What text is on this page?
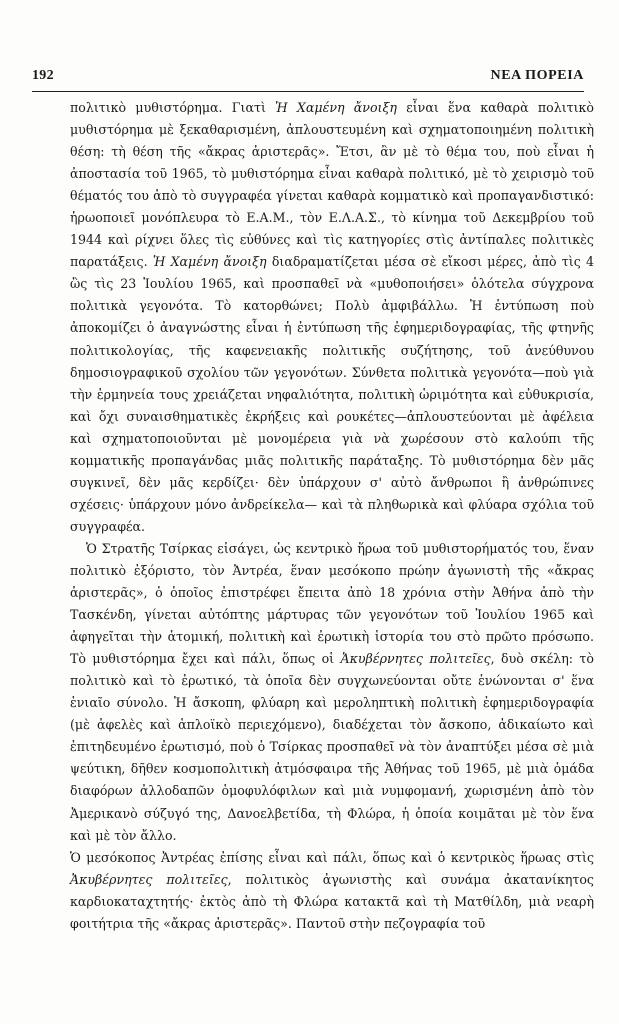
192	ΝΕΑ ΠΟΡΕΙΑ

πολιτικὸ μυθιστόρημα. Γιατὶ Ἡ Χαμένη ἄνοιξη εἶναι ἕνα καθαρὰ πολιτικὸ μυθιστόρημα μὲ ξεκαθαρισμένη, ἀπλουστευμένη καὶ σχηματοποιημένη πολιτικὴ θέση: τὴ θέση τῆς «ἄκρας ἀριστερᾶς». Ἔτσι, ἂν μὲ τὸ θέμα του, ποὺ εἶναι ἡ ἀποστασία τοῦ 1965, τὸ μυθιστόρημα εἶναι καθαρὰ πολιτικό, μὲ τὸ χειρισμὸ τοῦ θέματός του ἀπὸ τὸ συγγραφέα γίνεται καθαρὰ κομματικὸ καὶ προπαγανδιστικό: ἡρωοποιεῖ μονόπλευρα τὸ Ε.Α.Μ., τὸν Ε.Λ.Α.Σ., τὸ κίνημα τοῦ Δεκεμβρίου τοῦ 1944 καὶ ρίχνει ὅλες τὶς εὐθύνες καὶ τὶς κατηγορίες στὶς ἀντίπαλες πολιτικὲς παρατάξεις. Ἡ Χαμένη ἄνοιξη διαδραματίζεται μέσα σὲ εἴκοσι μέρες, ἀπὸ τὶς 4 ὣς τὶς 23 Ἰουλίου 1965, καὶ προσπαθεῖ νὰ «μυθοποιήσει» ὁλότελα σύγχρονα πολιτικὰ γεγονότα. Τὸ κατορθώνει; Πολὺ ἀμφιβάλλω. Ἡ ἐντύπωση ποὺ ἀποκομίζει ὁ ἀναγνώστης εἶναι ἡ ἐντύπωση τῆς ἐφημεριδογραφίας, τῆς φτηνῆς πολιτικολογίας, τῆς καφενειακῆς πολιτικῆς συζήτησης, τοῦ ἀνεύθυνου δημοσιογραφικοῦ σχολίου τῶν γεγονότων. Σύνθετα πολιτικὰ γεγονότα—ποὺ γιὰ τὴν ἑρμηνεία τους χρειάζεται νηφαλιότητα, πολιτικὴ ὡριμότητα καὶ εὐθυκρισία, καὶ ὄχι συναισθηματικὲς ἐκρήξεις καὶ ρουκέτες—ἀπλουστεύονται μὲ ἀφέλεια καὶ σχηματοποιοῦνται μὲ μονομέρεια γιὰ νὰ χωρέσουν στὸ καλούπι τῆς κομματικῆς προπαγάνδας μιᾶς πολιτικῆς παράταξης. Τὸ μυθιστόρημα δὲν μᾶς συγκινεῖ, δὲν μᾶς κερδίζει· δὲν ὑπάρχουν σ' αὐτὸ ἄνθρωποι ἢ ἀνθρώπινες σχέσεις· ὑπάρχουν μόνο ἀνδρείκελα— καὶ τὰ πληθωρικὰ καὶ φλύαρα σχόλια τοῦ συγγραφέα.

Ὁ Στρατῆς Τσίρκας εἰσάγει, ὡς κεντρικὸ ἥρωα τοῦ μυθιστορήματός του, ἕναν πολιτικὸ ἐξόριστο, τὸν Ἀντρέα, ἕναν μεσόκοπο πρώην ἀγωνιστὴ τῆς «ἄκρας ἀριστερᾶς», ὁ ὁποῖος ἐπιστρέφει ἔπειτα ἀπὸ 18 χρόνια στὴν Ἀθήνα ἀπὸ τὴν Τασκένδη, γίνεται αὐτόπτης μάρτυρας τῶν γεγονότων τοῦ Ἰουλίου 1965 καὶ ἀφηγεῖται τὴν ἀτομική, πολιτικὴ καὶ ἐρωτικὴ ἱστορία του στὸ πρῶτο πρόσωπο. Τὸ μυθιστόρημα ἔχει καὶ πάλι, ὅπως οἱ Ἀκυβέρνητες πολιτεῖες, δυὸ σκέλη: τὸ πολιτικὸ καὶ τὸ ἐρωτικό, τὰ ὁποῖα δὲν συγχωνεύονται οὔτε ἑνώνονται σ' ἕνα ἑνιαῖο σύνολο. Ἡ ἄσκοπη, φλύαρη καὶ μεροληπτικὴ πολιτικὴ ἐφημεριδογραφία (μὲ ἀφελὲς καὶ ἁπλοϊκὸ περιεχόμενο), διαδέχεται τὸν ἄσκοπο, ἀδικαίωτο καὶ ἐπιτηδευμένο ἐρωτισμό, ποὺ ὁ Τσίρκας προσπαθεῖ νὰ τὸν ἀναπτύξει μέσα σὲ μιὰ ψεύτικη, δῆθεν κοσμοπολιτικὴ ἀτμόσφαιρα τῆς Ἀθήνας τοῦ 1965, μὲ μιὰ ὁμάδα διαφόρων ἀλλοδαπῶν ὁμοφυλόφιλων καὶ μιὰ νυμφομανή, χωρισμένη ἀπὸ τὸν Ἀμερικανὸ σύζυγό της, Δανοελβετίδα, τὴ Φλώρα, ἡ ὁποία κοιμᾶται μὲ τὸν ἕνα καὶ μὲ τὸν ἄλλο.

Ὁ μεσόκοπος Ἀντρέας ἐπίσης εἶναι καὶ πάλι, ὅπως καὶ ὁ κεντρικὸς ἥρωας στὶς Ἀκυβέρνητες πολιτεῖες, πολιτικὸς ἀγωνιστὴς καὶ συνάμα ἀκατανίκητος καρδιοκαταχτητής· ἐκτὸς ἀπὸ τὴ Φλώρα κατακτᾶ καὶ τὴ Ματθίλδη, μιὰ νεαρὴ φοιτήτρια τῆς «ἄκρας ἀριστερᾶς». Παντοῦ στὴν πεζογραφία τοῦ
